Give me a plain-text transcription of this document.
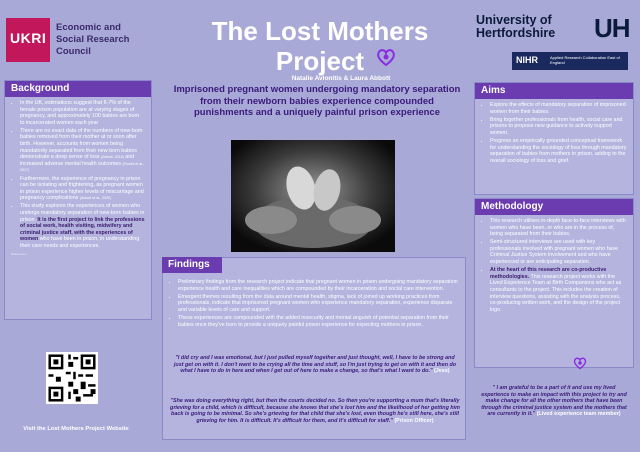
UKRI
Economic and Social Research Council
The Lost Mothers
Project
Natalie Avlonitis & Laura Abbott
University of
Hertfordshire UH
NIHR	Applied Research Collaboration East of England
Background
• In the UK, estimations suggest that 6-7% of the female prison population are at varying stages of pregnancy, and approximately 100 babies are born to incarcerated women each year
• There are no exact data of the numbers of new-born babies removed from their mother at or soon after birth. However, accounts from women being mandatorily separated from their new-born babies demonstrate a deep sense of loss (Abbott, 2018) and increased adverse mental health outcomes (Powell et al., 2017)
• Furthermore, the experience of pregnancy in prison can be isolating and frightening, as pregnant women in prison experience higher levels of miscarriage and pregnancy complications (Abbott et al., 2020)
• This study explores the experiences of women who undergo mandatory separation of new-born babies in prison. It is the first project to link the professions of social work, health visiting, midwifery and criminal justice staff, with the experiences of women who have been in prison, in understanding their care needs and experiences.
References
Imprisoned pregnant women undergoing mandatory separation from their newborn babies experience compounded punishments and a uniquely painful prison experience
Aims
• Explore the effects of mandatory separation of imprisoned women from their babies.
• Bring together professionals from health, social care and prisons to propose new guidance to actively support women.
• Progress an empirically grounded conceptual framework for understanding the sociology of loss through mandatory separation of babies from mothers in prison, adding to the overall sociology of loss and grief.
Methodology
• This research utilises in-depth face-to-face interviews with women who have been, or who are in the process of, being separated from their babies.
• Semi-structured interviews are used with key professionals involved with pregnant women who have Criminal Justice System involvement and who have experienced or are anticipating separation.
• At the heart of this research are co-productive methodologies. This research project works with the Lived Experience Team at Birth Companions who act as consultants to the project. This includes the creation of interview questions, assisting with the analysis process, co-producing written work, and the design of the project logo.
• Preliminary findings from the research project indicate that pregnant women in prison undergoing mandatory separation experience health and care inequalities which are compounded by their incarceration and social care intervention.
• Emergent themes resulting from the data around mental health, stigma, lack of joined up working practices from professionals, indicate that imprisoned pregnant women who experience mandatory separation, experience disparate and variable levels of care and support.
• These experiences are compounded with the added insecurity and mental anguish of potential separation from their babies once they've born to provide a uniquely painful prison experience for expecting mothers in prison.
Findings
"I did cry and I was emotional, but I just pulled myself together and just thought, well, I have to be strong and just get on with it. I don't want to be crying all the time and stuff, so I'm just trying to get on with it and then do what I have to do in here and when I get out of here to make a change, so that's what I want to do." (Jess)
"She was doing everything right, but then the courts decided no. So then you're supporting a mum that's literally grieving for a child, which is difficult, because she knows that she's lost him and the likelihood of her getting him back is going to be minimal. So she's grieving for that child that she's lost, even though he's still here, she's still grieving for him. It is difficult. It's difficult for them, and it's difficult for staff." (Prison Officer)
" I am grateful to be a part of it and use my lived experience to make an impact with this project to try and make change for all the other mothers that have been through the criminal justice system and the mothers that are currently in it." (Lived experience team member)
Visit the Lost Mothers Project Website
